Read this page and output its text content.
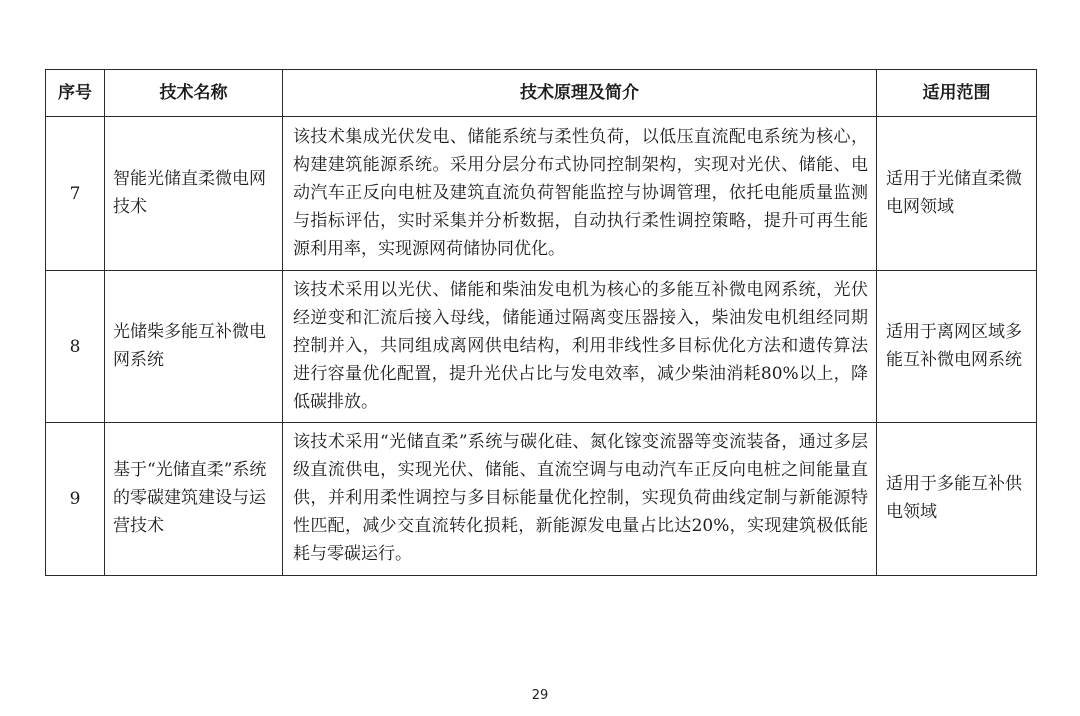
序号	技术名称	技术原理及简介	适用范围
7	智能光储直柔微电网技术	该技术集成光伏发电、储能系统与柔性负荷，以低压直流配电系统为核心，构建建筑能源系统。采用分层分布式协同控制架构，实现对光伏、储能、电动汽车正反向电桩及建筑直流负荷智能监控与协调管理，依托电能质量监测与指标评估，实时采集并分析数据，自动执行柔性调控策略，提升可再生能源利用率，实现源网荷储协同优化。	适用于光储直柔微电网领域
8	光储柴多能互补微电网系统	该技术采用以光伏、储能和柴油发电机为核心的多能互补微电网系统，光伏经逆变和汇流后接入母线，储能通过隔离变压器接入，柴油发电机组经同期控制并入，共同组成离网供电结构，利用非线性多目标优化方法和遗传算法进行容量优化配置，提升光伏占比与发电效率，减少柴油消耗80%以上，降低碳排放。	适用于离网区域多能互补微电网系统
9	基于“光储直柔”系统的零碳建筑建设与运营技术	该技术采用“光储直柔”系统与碳化硅、氮化镓变流器等变流装备，通过多层级直流供电，实现光伏、储能、直流空调与电动汽车正反向电桩之间能量直供，并利用柔性调控与多目标能量优化控制，实现负荷曲线定制与新能源特性匹配，减少交直流转化损耗，新能源发电量占比达20%，实现建筑极低能耗与零碳运行。	适用于多能互补供电领域
29
